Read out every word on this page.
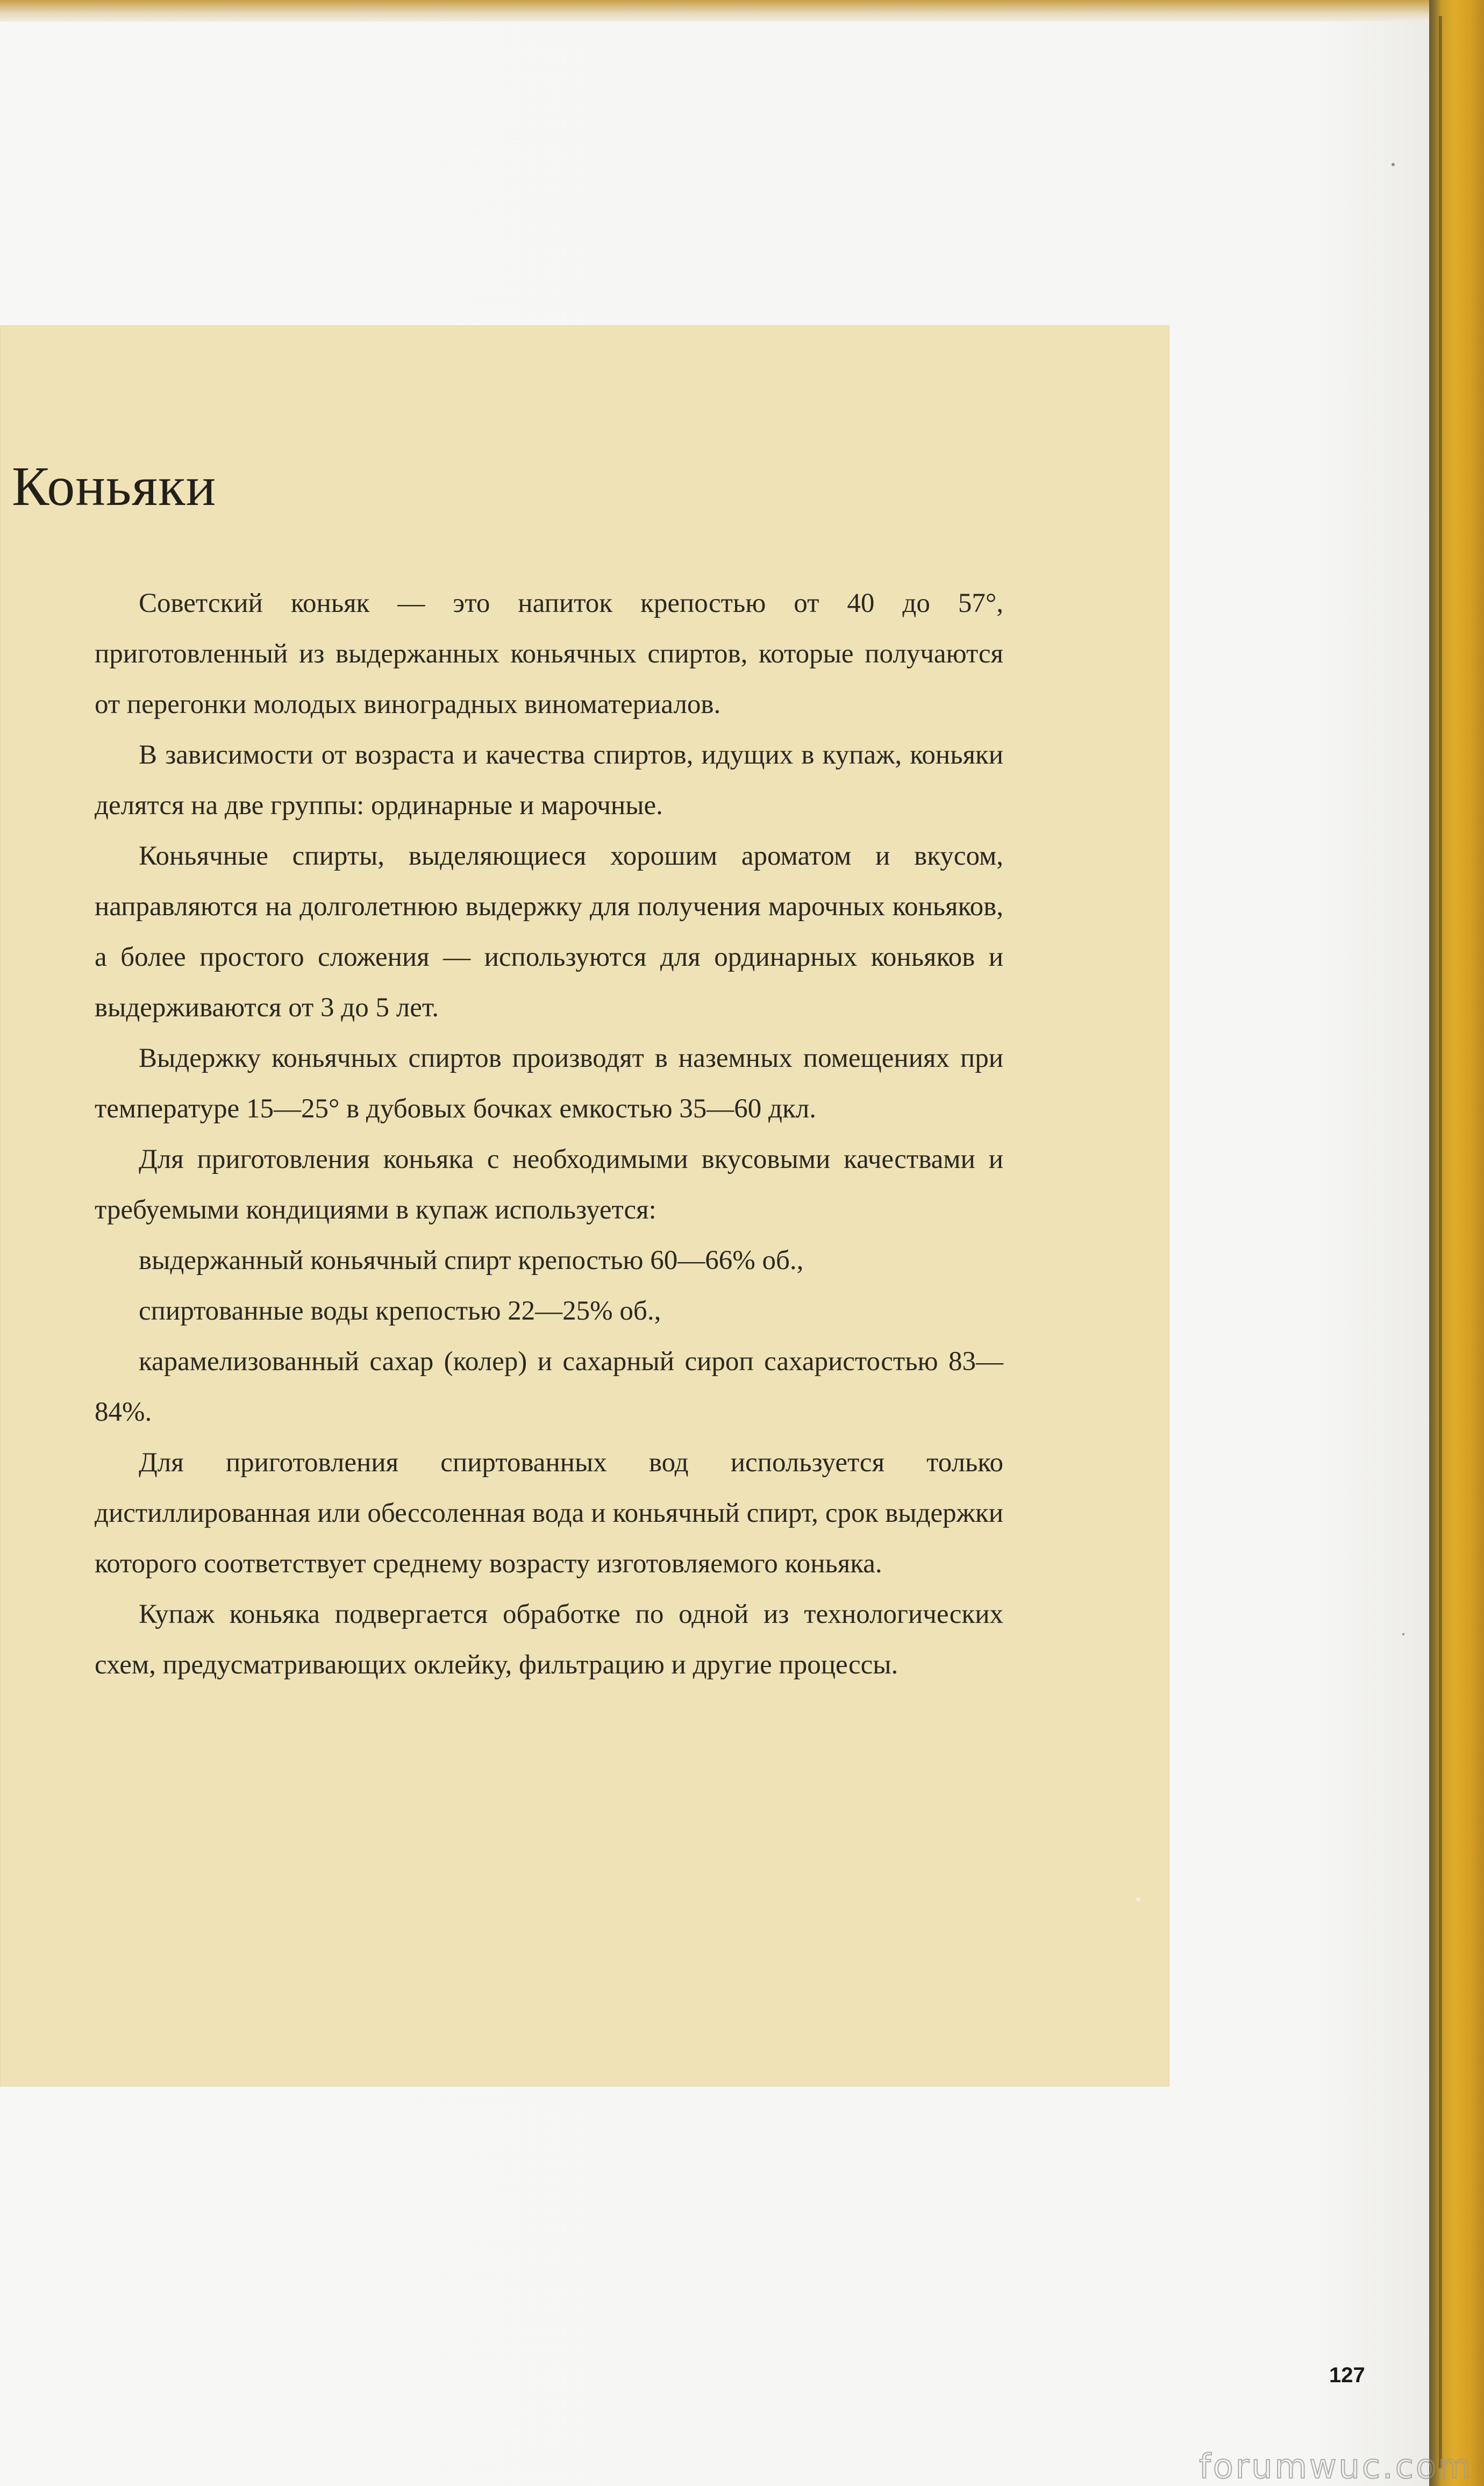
Коньяки

Советский коньяк — это напиток крепостью от 40 до 57°, приготовленный из выдержанных коньячных спиртов, которые получаются от перегонки молодых виноградных виноматериалов.

В зависимости от возраста и качества спиртов, идущих в купаж, коньяки делятся на две группы: ординарные и марочные.

Коньячные спирты, выделяющиеся хорошим ароматом и вкусом, направляются на долголетнюю выдержку для получения марочных коньяков, а более простого сложения — используются для ординарных коньяков и выдерживаются от 3 до 5 лет.

Выдержку коньячных спиртов производят в наземных помещениях при температуре 15—25° в дубовых бочках емкостью 35—60 дкл.

Для приготовления коньяка с необходимыми вкусовыми качествами и требуемыми кондициями в купаж используется:

выдержанный коньячный спирт крепостью 60—66% об.,

спиртованные воды крепостью 22—25% об.,

карамелизованный сахар (колер) и сахарный сироп сахаристостью 83—84%.

Для приготовления спиртованных вод используется только дистиллированная или обессоленная вода и коньячный спирт, срок выдержки которого соответствует среднему возрасту изготовляемого коньяка.

Купаж коньяка подвергается обработке по одной из технологических схем, предусматривающих оклейку, фильтрацию и другие процессы.

127
forumwuc.com
